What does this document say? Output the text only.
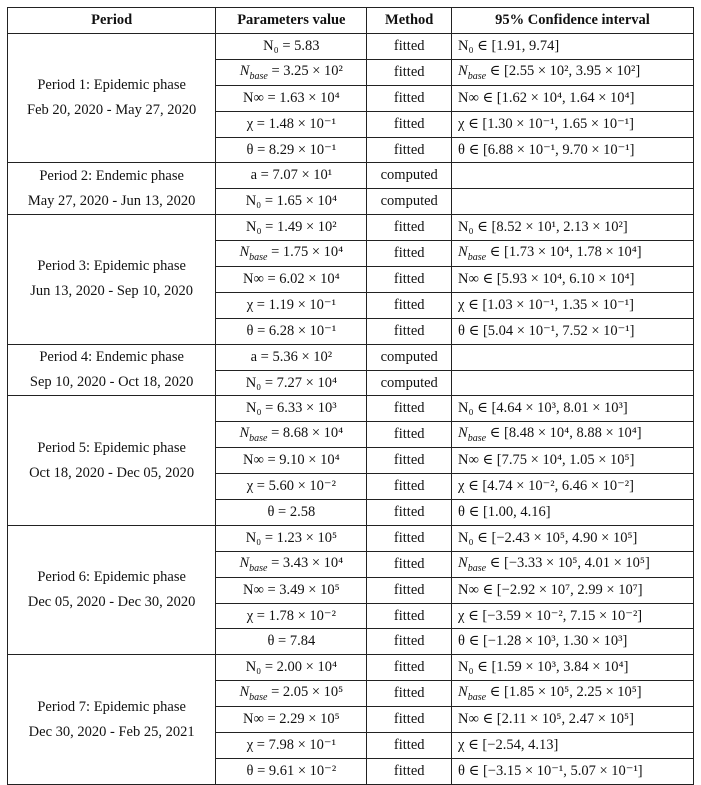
Period	Parameters value	Method	95% Confidence interval

Period 1: Epidemic phase
Feb 20, 2020 - May 27, 2020	N₀ = 5.83	fitted	N₀ ∈ [1.91, 9.74]
	$N_{base} = 3.25 \times 10^2$	fitted	$N_{base}$ ∈ [2.55 × 10², 3.95 × 10²]
	N∞ = 1.63 × 10⁴	fitted	N∞ ∈ [1.62 × 10⁴, 1.64 × 10⁴]
	χ = 1.48 × 10⁻¹	fitted	χ ∈ [1.30 × 10⁻¹, 1.65 × 10⁻¹]
	θ = 8.29 × 10⁻¹	fitted	θ ∈ [6.88 × 10⁻¹, 9.70 × 10⁻¹]

Period 2: Endemic phase
May 27, 2020 - Jun 13, 2020	a = 7.07 × 10¹	computed	
	N₀ = 1.65 × 10⁴	computed	

Period 3: Epidemic phase
Jun 13, 2020 - Sep 10, 2020	N₀ = 1.49 × 10²	fitted	N₀ ∈ [8.52 × 10¹, 2.13 × 10²]
	$N_{base} = 1.75 \times 10^4$	fitted	$N_{base}$ ∈ [1.73 × 10⁴, 1.78 × 10⁴]
	N∞ = 6.02 × 10⁴	fitted	N∞ ∈ [5.93 × 10⁴, 6.10 × 10⁴]
	χ = 1.19 × 10⁻¹	fitted	χ ∈ [1.03 × 10⁻¹, 1.35 × 10⁻¹]
	θ = 6.28 × 10⁻¹	fitted	θ ∈ [5.04 × 10⁻¹, 7.52 × 10⁻¹]

Period 4: Endemic phase
Sep 10, 2020 - Oct 18, 2020	a = 5.36 × 10²	computed	
	N₀ = 7.27 × 10⁴	computed	

Period 5: Epidemic phase
Oct 18, 2020 - Dec 05, 2020	N₀ = 6.33 × 10³	fitted	N₀ ∈ [4.64 × 10³, 8.01 × 10³]
	$N_{base} = 8.68 \times 10^4$	fitted	$N_{base}$ ∈ [8.48 × 10⁴, 8.88 × 10⁴]
	N∞ = 9.10 × 10⁴	fitted	N∞ ∈ [7.75 × 10⁴, 1.05 × 10⁵]
	χ = 5.60 × 10⁻²	fitted	χ ∈ [4.74 × 10⁻², 6.46 × 10⁻²]
	θ = 2.58	fitted	θ ∈ [1.00, 4.16]

Period 6: Epidemic phase
Dec 05, 2020 - Dec 30, 2020	N₀ = 1.23 × 10⁵	fitted	N₀ ∈ [−2.43 × 10⁵, 4.90 × 10⁵]
	$N_{base} = 3.43 \times 10^4$	fitted	$N_{base}$ ∈ [−3.33 × 10⁵, 4.01 × 10⁵]
	N∞ = 3.49 × 10⁵	fitted	N∞ ∈ [−2.92 × 10⁷, 2.99 × 10⁷]
	χ = 1.78 × 10⁻²	fitted	χ ∈ [−3.59 × 10⁻², 7.15 × 10⁻²]
	θ = 7.84	fitted	θ ∈ [−1.28 × 10³, 1.30 × 10³]

Period 7: Epidemic phase
Dec 30, 2020 - Feb 25, 2021	N₀ = 2.00 × 10⁴	fitted	N₀ ∈ [1.59 × 10³, 3.84 × 10⁴]
	$N_{base} = 2.05 \times 10^5$	fitted	$N_{base}$ ∈ [1.85 × 10⁵, 2.25 × 10⁵]
	N∞ = 2.29 × 10⁵	fitted	N∞ ∈ [2.11 × 10⁵, 2.47 × 10⁵]
	χ = 7.98 × 10⁻¹	fitted	χ ∈ [−2.54, 4.13]
	θ = 9.61 × 10⁻²	fitted	θ ∈ [−3.15 × 10⁻¹, 5.07 × 10⁻¹]
